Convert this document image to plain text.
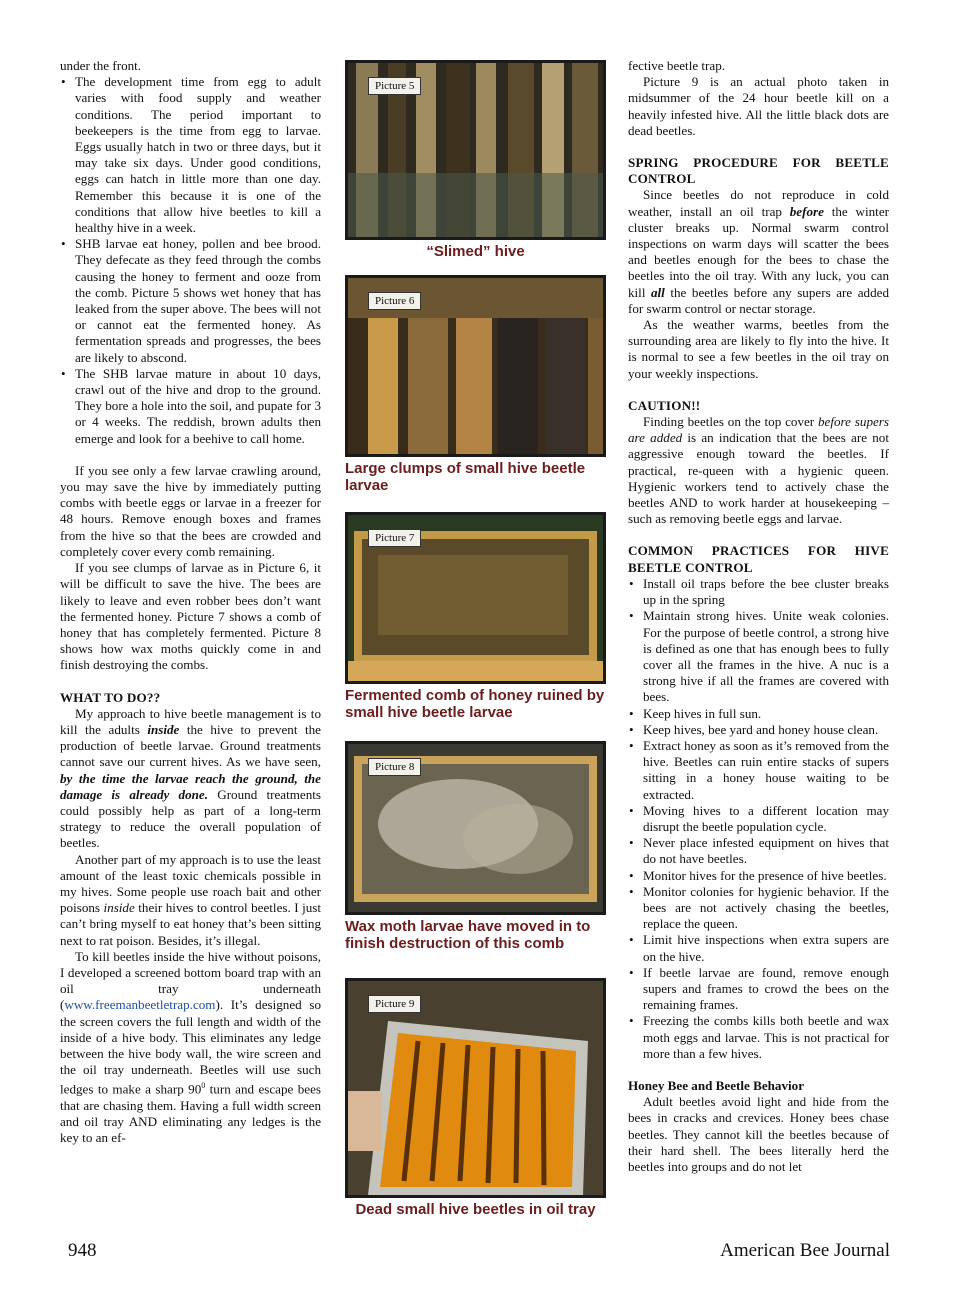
under the front.

• The development time from egg to adult varies with food supply and weather conditions. The period important to beekeepers is the time from egg to larvae. Eggs usually hatch in two or three days, but it may take six days. Under good conditions, eggs can hatch in little more than one day. Remember this because it is one of the conditions that allow hive beetles to kill a healthy hive in a week.
• SHB larvae eat honey, pollen and bee brood. They defecate as they feed through the combs causing the honey to ferment and ooze from the comb. Picture 5 shows wet honey that has leaked from the super above. The bees will not or cannot eat the fermented honey. As fermentation spreads and progresses, the bees are likely to abscond.
• The SHB larvae mature in about 10 days, crawl out of the hive and drop to the ground. They bore a hole into the soil, and pupate for 3 or 4 weeks. The reddish, brown adults then emerge and look for a beehive to call home.

If you see only a few larvae crawling around, you may save the hive by immediately putting combs with beetle eggs or larvae in a freezer for 48 hours. Remove enough boxes and frames from the hive so that the bees are crowded and completely cover every comb remaining.

If you see clumps of larvae as in Picture 6, it will be difficult to save the hive. The bees are likely to leave and even robber bees don’t want the fermented honey. Picture 7 shows a comb of honey that has completely fermented. Picture 8 shows how wax moths quickly come in and finish destroying the combs.

WHAT TO DO??

My approach to hive beetle management is to kill the adults inside the hive to prevent the production of beetle larvae. Ground treatments cannot save our current hives. As we have seen, by the time the larvae reach the ground, the damage is already done. Ground treatments could possibly help as part of a long-term strategy to reduce the overall population of beetles.

Another part of my approach is to use the least amount of the least toxic chemicals possible in my hives. Some people use roach bait and other poisons inside their hives to control beetles. I just can’t bring myself to eat honey that’s been sitting next to rat poison. Besides, it’s illegal.

To kill beetles inside the hive without poisons, I developed a screened bottom board trap with an oil tray underneath (www.freemanbeetletrap.com). It’s designed so the screen covers the full length and width of the inside of a hive body. This eliminates any ledge between the hive body wall, the wire screen and the oil tray underneath. Beetles will use such ledges to make a sharp $90^0$ turn and escape bees that are chasing them. Having a full width screen and oil tray AND eliminating any ledges is the key to an ef-

Picture 5
“Slimed” hive
Picture 6
Large clumps of small hive beetle larvae
Picture 7
Fermented comb of honey ruined by small hive beetle larvae
Picture 8
Wax moth larvae have moved in to finish destruction of this comb
Picture 9
Dead small hive beetles in oil tray

fective beetle trap.

Picture 9 is an actual photo taken in midsummer of the 24 hour beetle kill on a heavily infested hive. All the little black dots are dead beetles.

SPRING PROCEDURE FOR BEETLE CONTROL

Since beetles do not reproduce in cold weather, install an oil trap before the winter cluster breaks up. Normal swarm control inspections on warm days will scatter the bees and beetles enough for the bees to chase the beetles into the oil tray. With any luck, you can kill all the beetles before any supers are added for swarm control or nectar storage.

As the weather warms, beetles from the surrounding area are likely to fly into the hive. It is normal to see a few beetles in the oil tray on your weekly inspections.

CAUTION!!

Finding beetles on the top cover before supers are added is an indication that the bees are not aggressive enough toward the beetles. If practical, re-queen with a hygienic queen. Hygienic workers tend to actively chase the beetles AND to work harder at housekeeping – such as removing beetle eggs and larvae.

COMMON PRACTICES FOR HIVE BEETLE CONTROL
• Install oil traps before the bee cluster breaks up in the spring
• Maintain strong hives. Unite weak colonies. For the purpose of beetle control, a strong hive is defined as one that has enough bees to fully cover all the frames in the hive. A nuc is a strong hive if all the frames are covered with bees.
• Keep hives in full sun.
• Keep hives, bee yard and honey house clean.
• Extract honey as soon as it’s removed from the hive. Beetles can ruin entire stacks of supers sitting in a honey house waiting to be extracted.
• Moving hives to a different location may disrupt the beetle population cycle.
• Never place infested equipment on hives that do not have beetles.
• Monitor hives for the presence of hive beetles.
• Monitor colonies for hygienic behavior. If the bees are not actively chasing the beetles, replace the queen.
• Limit hive inspections when extra supers are on the hive.
• If beetle larvae are found, remove enough supers and frames to crowd the bees on the remaining frames.
• Freezing the combs kills both beetle and wax moth eggs and larvae. This is not practical for more than a few hives.
Honey Bee and Beetle Behavior

Adult beetles avoid light and hide from the bees in cracks and crevices. Honey bees chase beetles. They cannot kill the beetles because of their hard shell. The bees literally herd the beetles into groups and do not let

948	American Bee Journal
